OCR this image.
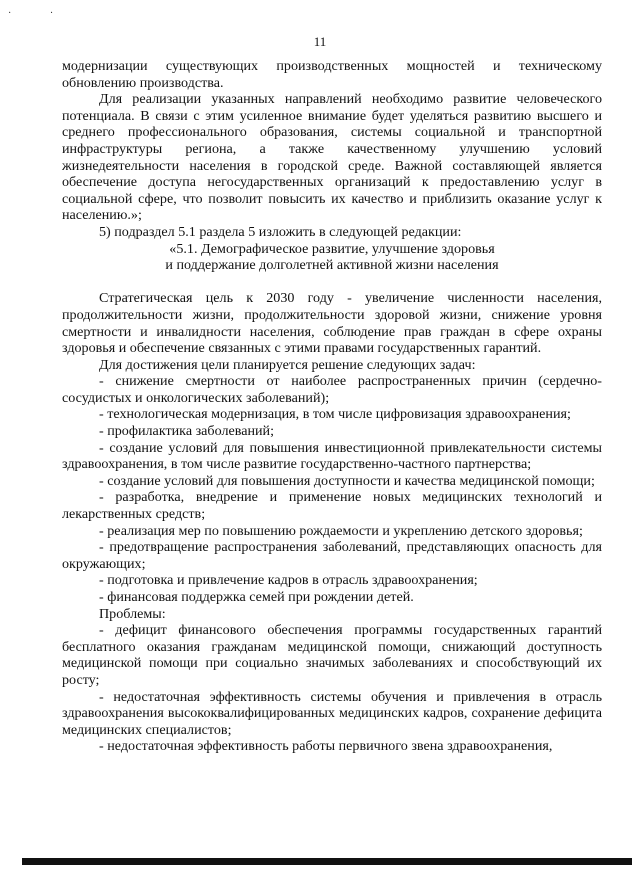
· ·
11

модернизации существующих производственных мощностей и техническому обновлению производства.

Для реализации указанных направлений необходимо развитие человеческого потенциала. В связи с этим усиленное внимание будет уделяться развитию высшего и среднего профессионального образования, системы социальной и транспортной инфраструктуры региона, а также качественному улучшению условий жизнедеятельности населения в городской среде. Важной составляющей является обеспечение доступа негосударственных организаций к предоставлению услуг в социальной сфере, что позволит повысить их качество и приблизить оказание услуг к населению.»;

5) подраздел 5.1 раздела 5 изложить в следующей редакции:

«5.1. Демографическое развитие, улучшение здоровья

и поддержание долголетней активной жизни населения

Стратегическая цель к 2030 году - увеличение численности населения, продолжительности жизни, продолжительности здоровой жизни, снижение уровня смертности и инвалидности населения, соблюдение прав граждан в сфере охраны здоровья и обеспечение связанных с этими правами государственных гарантий.

Для достижения цели планируется решение следующих задач:

- снижение смертности от наиболее распространенных причин (сердечно-сосудистых и онкологических заболеваний);

- технологическая модернизация, в том числе цифровизация здравоохранения;

- профилактика заболеваний;

- создание условий для повышения инвестиционной привлекательности системы здравоохранения, в том числе развитие государственно-частного партнерства;

- создание условий для повышения доступности и качества медицинской помощи;

- разработка, внедрение и применение новых медицинских технологий и лекарственных средств;

- реализация мер по повышению рождаемости и укреплению детского здоровья;

- предотвращение распространения заболеваний, представляющих опасность для окружающих;

- подготовка и привлечение кадров в отрасль здравоохранения;

- финансовая поддержка семей при рождении детей.

Проблемы:

- дефицит финансового обеспечения программы государственных гарантий бесплатного оказания гражданам медицинской помощи, снижающий доступность медицинской помощи при социально значимых заболеваниях и способствующий их росту;

- недостаточная эффективность системы обучения и привлечения в отрасль здравоохранения высококвалифицированных медицинских кадров, сохранение дефицита медицинских специалистов;

- недостаточная эффективность работы первичного звена здравоохранения,
